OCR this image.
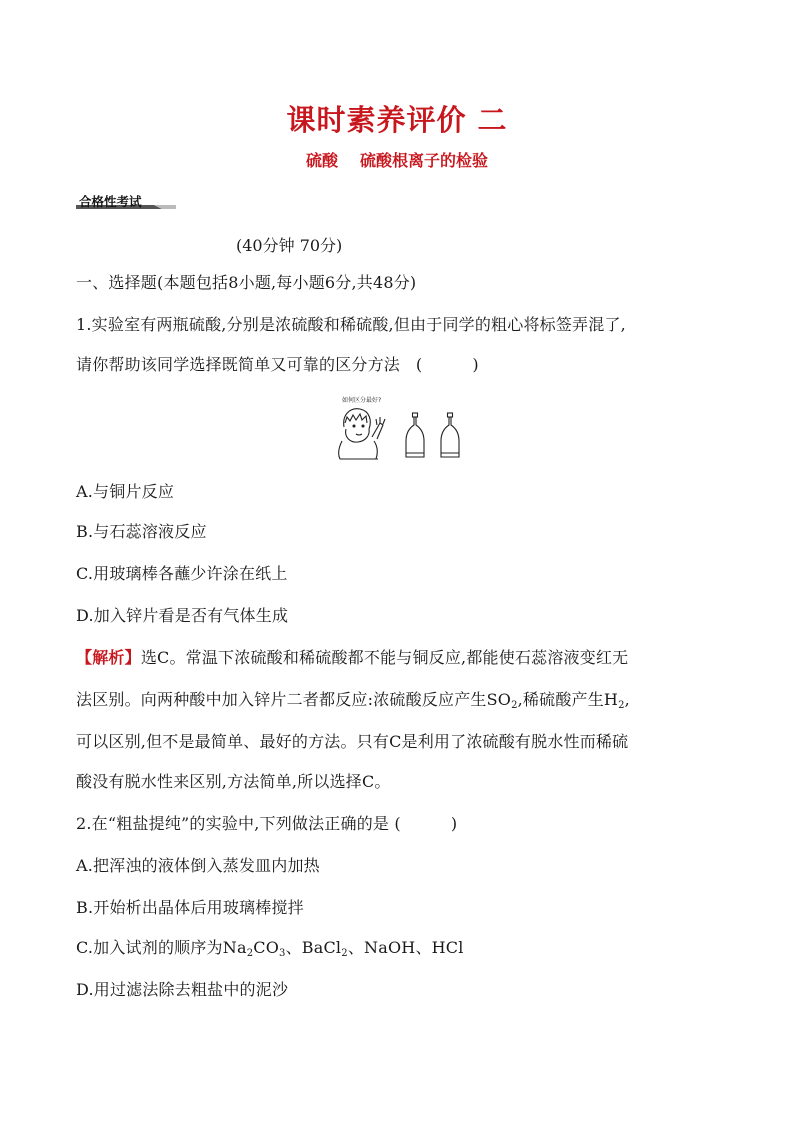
课时素养评价 二
硫酸 硫酸根离子的检验
合格性考试
(40分钟 70分)
一、选择题(本题包括8小题,每小题6分,共48分)
1.实验室有两瓶硫酸,分别是浓硫酸和稀硫酸,但由于同学的粗心将标签弄混了,
请你帮助该同学选择既简单又可靠的区分方法 (	)
如何区分最好?
A.与铜片反应
B.与石蕊溶液反应
C.用玻璃棒各蘸少许涂在纸上
D.加入锌片看是否有气体生成
【解析】选C。常温下浓硫酸和稀硫酸都不能与铜反应,都能使石蕊溶液变红无
法区别。向两种酸中加入锌片二者都反应:浓硫酸反应产生$SO_2$,稀硫酸产生$H_2$,
可以区别,但不是最简单、最好的方法。只有C是利用了浓硫酸有脱水性而稀硫
酸没有脱水性来区别,方法简单,所以选择C。
2.在“粗盐提纯”的实验中,下列做法正确的是 (	)
A.把浑浊的液体倒入蒸发皿内加热
B.开始析出晶体后用玻璃棒搅拌
C.加入试剂的顺序为$Na_2CO_3$、BaCl$_2$、NaOH、HCl
D.用过滤法除去粗盐中的泥沙
